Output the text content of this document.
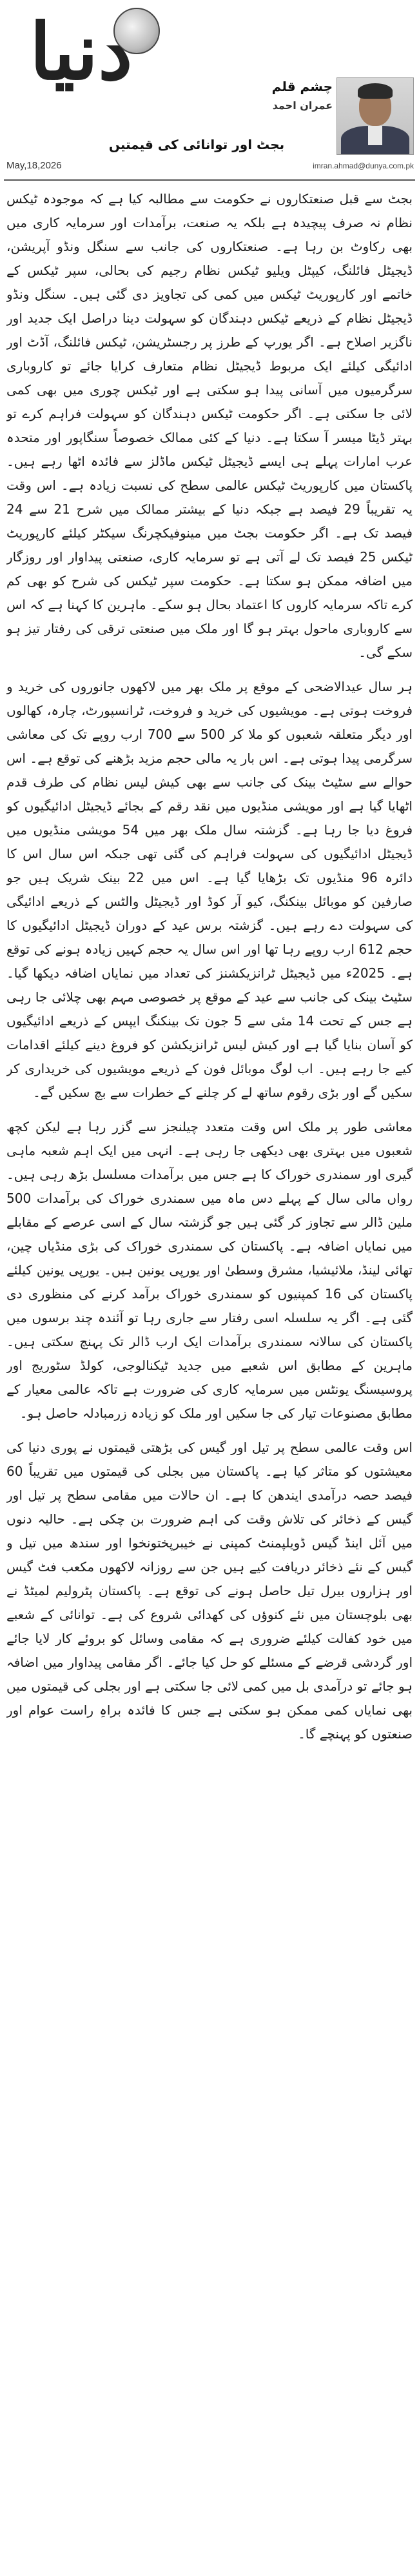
دنیا	چشم قلم
عمران احمد
بجٹ اور توانائی کی قیمتیں
May,18,2026	imran.ahmad@dunya.com.pk

بجٹ سے قبل صنعتکاروں نے حکومت سے مطالبہ کیا ہے کہ موجودہ ٹیکس نظام نہ صرف پیچیدہ ہے بلکہ یہ صنعت، برآمدات اور سرمایہ کاری میں بھی رکاوٹ بن رہا ہے۔ صنعتکاروں کی جانب سے سنگل ونڈو آپریشن، ڈیجیٹل فائلنگ، کیپٹل ویلیو ٹیکس نظام رجیم کی بحالی، سپر ٹیکس کے خاتمے اور کارپوریٹ ٹیکس میں کمی کی تجاویز دی گئی ہیں۔ سنگل ونڈو ڈیجیٹل نظام کے ذریعے ٹیکس دہندگان کو سہولت دینا دراصل ایک جدید اور ناگزیر اصلاح ہے۔ اگر یورپ کے طرز پر رجسٹریشن، ٹیکس فائلنگ، آڈٹ اور ادائیگی کیلئے ایک مربوط ڈیجیٹل نظام متعارف کرایا جائے تو کاروباری سرگرمیوں میں آسانی پیدا ہو سکتی ہے اور ٹیکس چوری میں بھی کمی لائی جا سکتی ہے۔ اگر حکومت ٹیکس دہندگان کو سہولت فراہم کرے تو بہتر ڈیٹا میسر آ سکتا ہے۔ دنیا کے کئی ممالک خصوصاً سنگاپور اور متحدہ عرب امارات پہلے ہی ایسے ڈیجیٹل ٹیکس ماڈلز سے فائدہ اٹھا رہے ہیں۔ پاکستان میں کارپوریٹ ٹیکس عالمی سطح کی نسبت زیادہ ہے۔ اس وقت یہ تقریباً 29 فیصد ہے جبکہ دنیا کے بیشتر ممالک میں شرح 21 سے 24 فیصد تک ہے۔ اگر حکومت بجٹ میں مینوفیکچرنگ سیکٹر کیلئے کارپوریٹ ٹیکس 25 فیصد تک لے آتی ہے تو سرمایہ کاری، صنعتی پیداوار اور روزگار میں اضافہ ممکن ہو سکتا ہے۔ حکومت سپر ٹیکس کی شرح کو بھی کم کرے تاکہ سرمایہ کاروں کا اعتماد بحال ہو سکے۔ ماہرین کا کہنا ہے کہ اس سے کاروباری ماحول بہتر ہو گا اور ملک میں صنعتی ترقی کی رفتار تیز ہو سکے گی۔

ہر سال عیدالاضحی کے موقع پر ملک بھر میں لاکھوں جانوروں کی خرید و فروخت ہوتی ہے۔ مویشیوں کی خرید و فروخت، ٹرانسپورٹ، چارہ، کھالوں اور دیگر متعلقہ شعبوں کو ملا کر 500 سے 700 ارب روپے تک کی معاشی سرگرمی پیدا ہوتی ہے۔ اس بار یہ مالی حجم مزید بڑھنے کی توقع ہے۔ اس حوالے سے سٹیٹ بینک کی جانب سے بھی کیش لیس نظام کی طرف قدم اٹھایا گیا ہے اور مویشی منڈیوں میں نقد رقم کے بجائے ڈیجیٹل ادائیگیوں کو فروغ دیا جا رہا ہے۔ گزشتہ سال ملک بھر میں 54 مویشی منڈیوں میں ڈیجیٹل ادائیگیوں کی سہولت فراہم کی گئی تھی جبکہ اس سال اس کا دائرہ 96 منڈیوں تک بڑھایا گیا ہے۔ اس میں 22 بینک شریک ہیں جو صارفین کو موبائل بینکنگ، کیو آر کوڈ اور ڈیجیٹل والٹس کے ذریعے ادائیگی کی سہولت دے رہے ہیں۔ گزشتہ برس عید کے دوران ڈیجیٹل ادائیگیوں کا حجم 612 ارب روپے رہا تھا اور اس سال یہ حجم کہیں زیادہ ہونے کی توقع ہے۔ 2025ء میں ڈیجیٹل ٹرانزیکشنز کی تعداد میں نمایاں اضافہ دیکھا گیا۔ سٹیٹ بینک کی جانب سے عید کے موقع پر خصوصی مہم بھی چلائی جا رہی ہے جس کے تحت 14 مئی سے 5 جون تک بینکنگ ایپس کے ذریعے ادائیگیوں کو آسان بنایا گیا ہے اور کیش لیس ٹرانزیکشن کو فروغ دینے کیلئے اقدامات کیے جا رہے ہیں۔ اب لوگ موبائل فون کے ذریعے مویشیوں کی خریداری کر سکیں گے اور بڑی رقوم ساتھ لے کر چلنے کے خطرات سے بچ سکیں گے۔

معاشی طور پر ملک اس وقت متعدد چیلنجز سے گزر رہا ہے لیکن کچھ شعبوں میں بہتری بھی دیکھی جا رہی ہے۔ انہی میں ایک اہم شعبہ ماہی گیری اور سمندری خوراک کا ہے جس میں برآمدات مسلسل بڑھ رہی ہیں۔ رواں مالی سال کے پہلے دس ماہ میں سمندری خوراک کی برآمدات 500 ملین ڈالر سے تجاوز کر گئی ہیں جو گزشتہ سال کے اسی عرصے کے مقابلے میں نمایاں اضافہ ہے۔ پاکستان کی سمندری خوراک کی بڑی منڈیاں چین، تھائی لینڈ، ملائیشیا، مشرق وسطیٰ اور یورپی یونین ہیں۔ یورپی یونین کیلئے پاکستان کی 16 کمپنیوں کو سمندری خوراک برآمد کرنے کی منظوری دی گئی ہے۔ اگر یہ سلسلہ اسی رفتار سے جاری رہا تو آئندہ چند برسوں میں پاکستان کی سالانہ سمندری برآمدات ایک ارب ڈالر تک پہنچ سکتی ہیں۔ ماہرین کے مطابق اس شعبے میں جدید ٹیکنالوجی، کولڈ سٹوریج اور پروسیسنگ یونٹس میں سرمایہ کاری کی ضرورت ہے تاکہ عالمی معیار کے مطابق مصنوعات تیار کی جا سکیں اور ملک کو زیادہ زرمبادلہ حاصل ہو۔

اس وقت عالمی سطح پر تیل اور گیس کی بڑھتی قیمتوں نے پوری دنیا کی معیشتوں کو متاثر کیا ہے۔ پاکستان میں بجلی کی قیمتوں میں تقریباً 60 فیصد حصہ درآمدی ایندھن کا ہے۔ ان حالات میں مقامی سطح پر تیل اور گیس کے ذخائر کی تلاش وقت کی اہم ضرورت بن چکی ہے۔ حالیہ دنوں میں آئل اینڈ گیس ڈویلپمنٹ کمپنی نے خیبرپختونخوا اور سندھ میں تیل و گیس کے نئے ذخائر دریافت کیے ہیں جن سے روزانہ لاکھوں مکعب فٹ گیس اور ہزاروں بیرل تیل حاصل ہونے کی توقع ہے۔ پاکستان پٹرولیم لمیٹڈ نے بھی بلوچستان میں نئے کنوؤں کی کھدائی شروع کی ہے۔ توانائی کے شعبے میں خود کفالت کیلئے ضروری ہے کہ مقامی وسائل کو بروئے کار لایا جائے اور گردشی قرضے کے مسئلے کو حل کیا جائے۔ اگر مقامی پیداوار میں اضافہ ہو جائے تو درآمدی بل میں کمی لائی جا سکتی ہے اور بجلی کی قیمتوں میں بھی نمایاں کمی ممکن ہو سکتی ہے جس کا فائدہ براہِ راست عوام اور صنعتوں کو پہنچے گا۔
